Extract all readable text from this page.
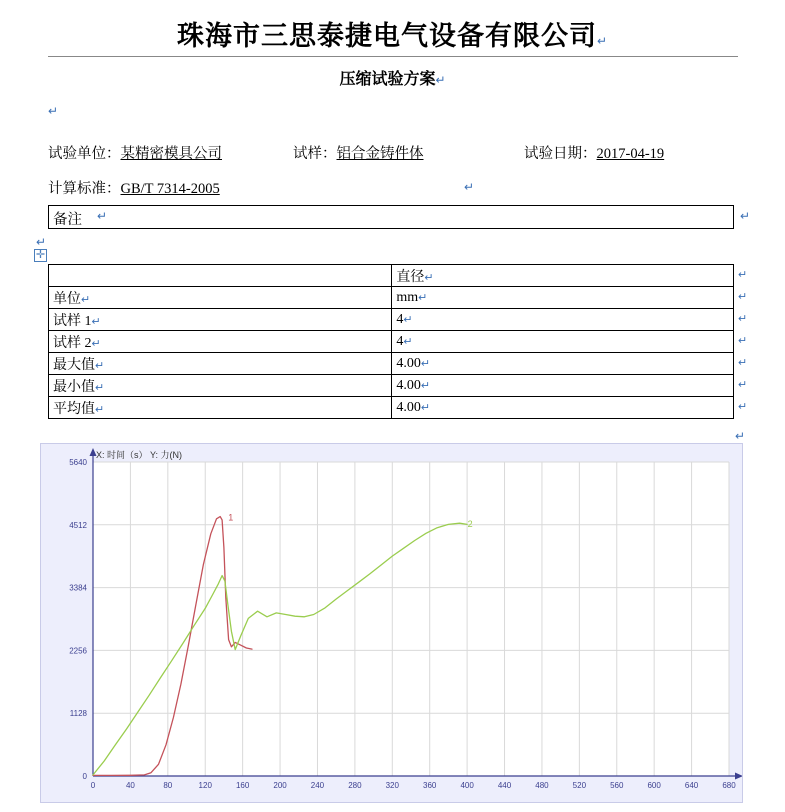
珠海市三思泰捷电气设备有限公司↵
压缩试验方案↵
↵
试验单位：某精密模具公司	试样：铝合金铸件体	试验日期：2017-04-19
计算标准：GB/T 7314-2005	↵
备注 ↵	↵
↵
✛
	直径↵
单位↵	mm↵
试样 1↵	4↵
试样 2↵	4↵
最大值↵	4.00↵
最小值↵	4.00↵
平均值↵	4.00↵
↵
↵
↵
↵
↵
↵
↵
↵
0	40	80	120	160	200	240	280	320	360	400	440	480	520	560	600	640	680
0
1128
2256
3384
4512
5640
1
2
X: 时间（s） Y: 力(N)
